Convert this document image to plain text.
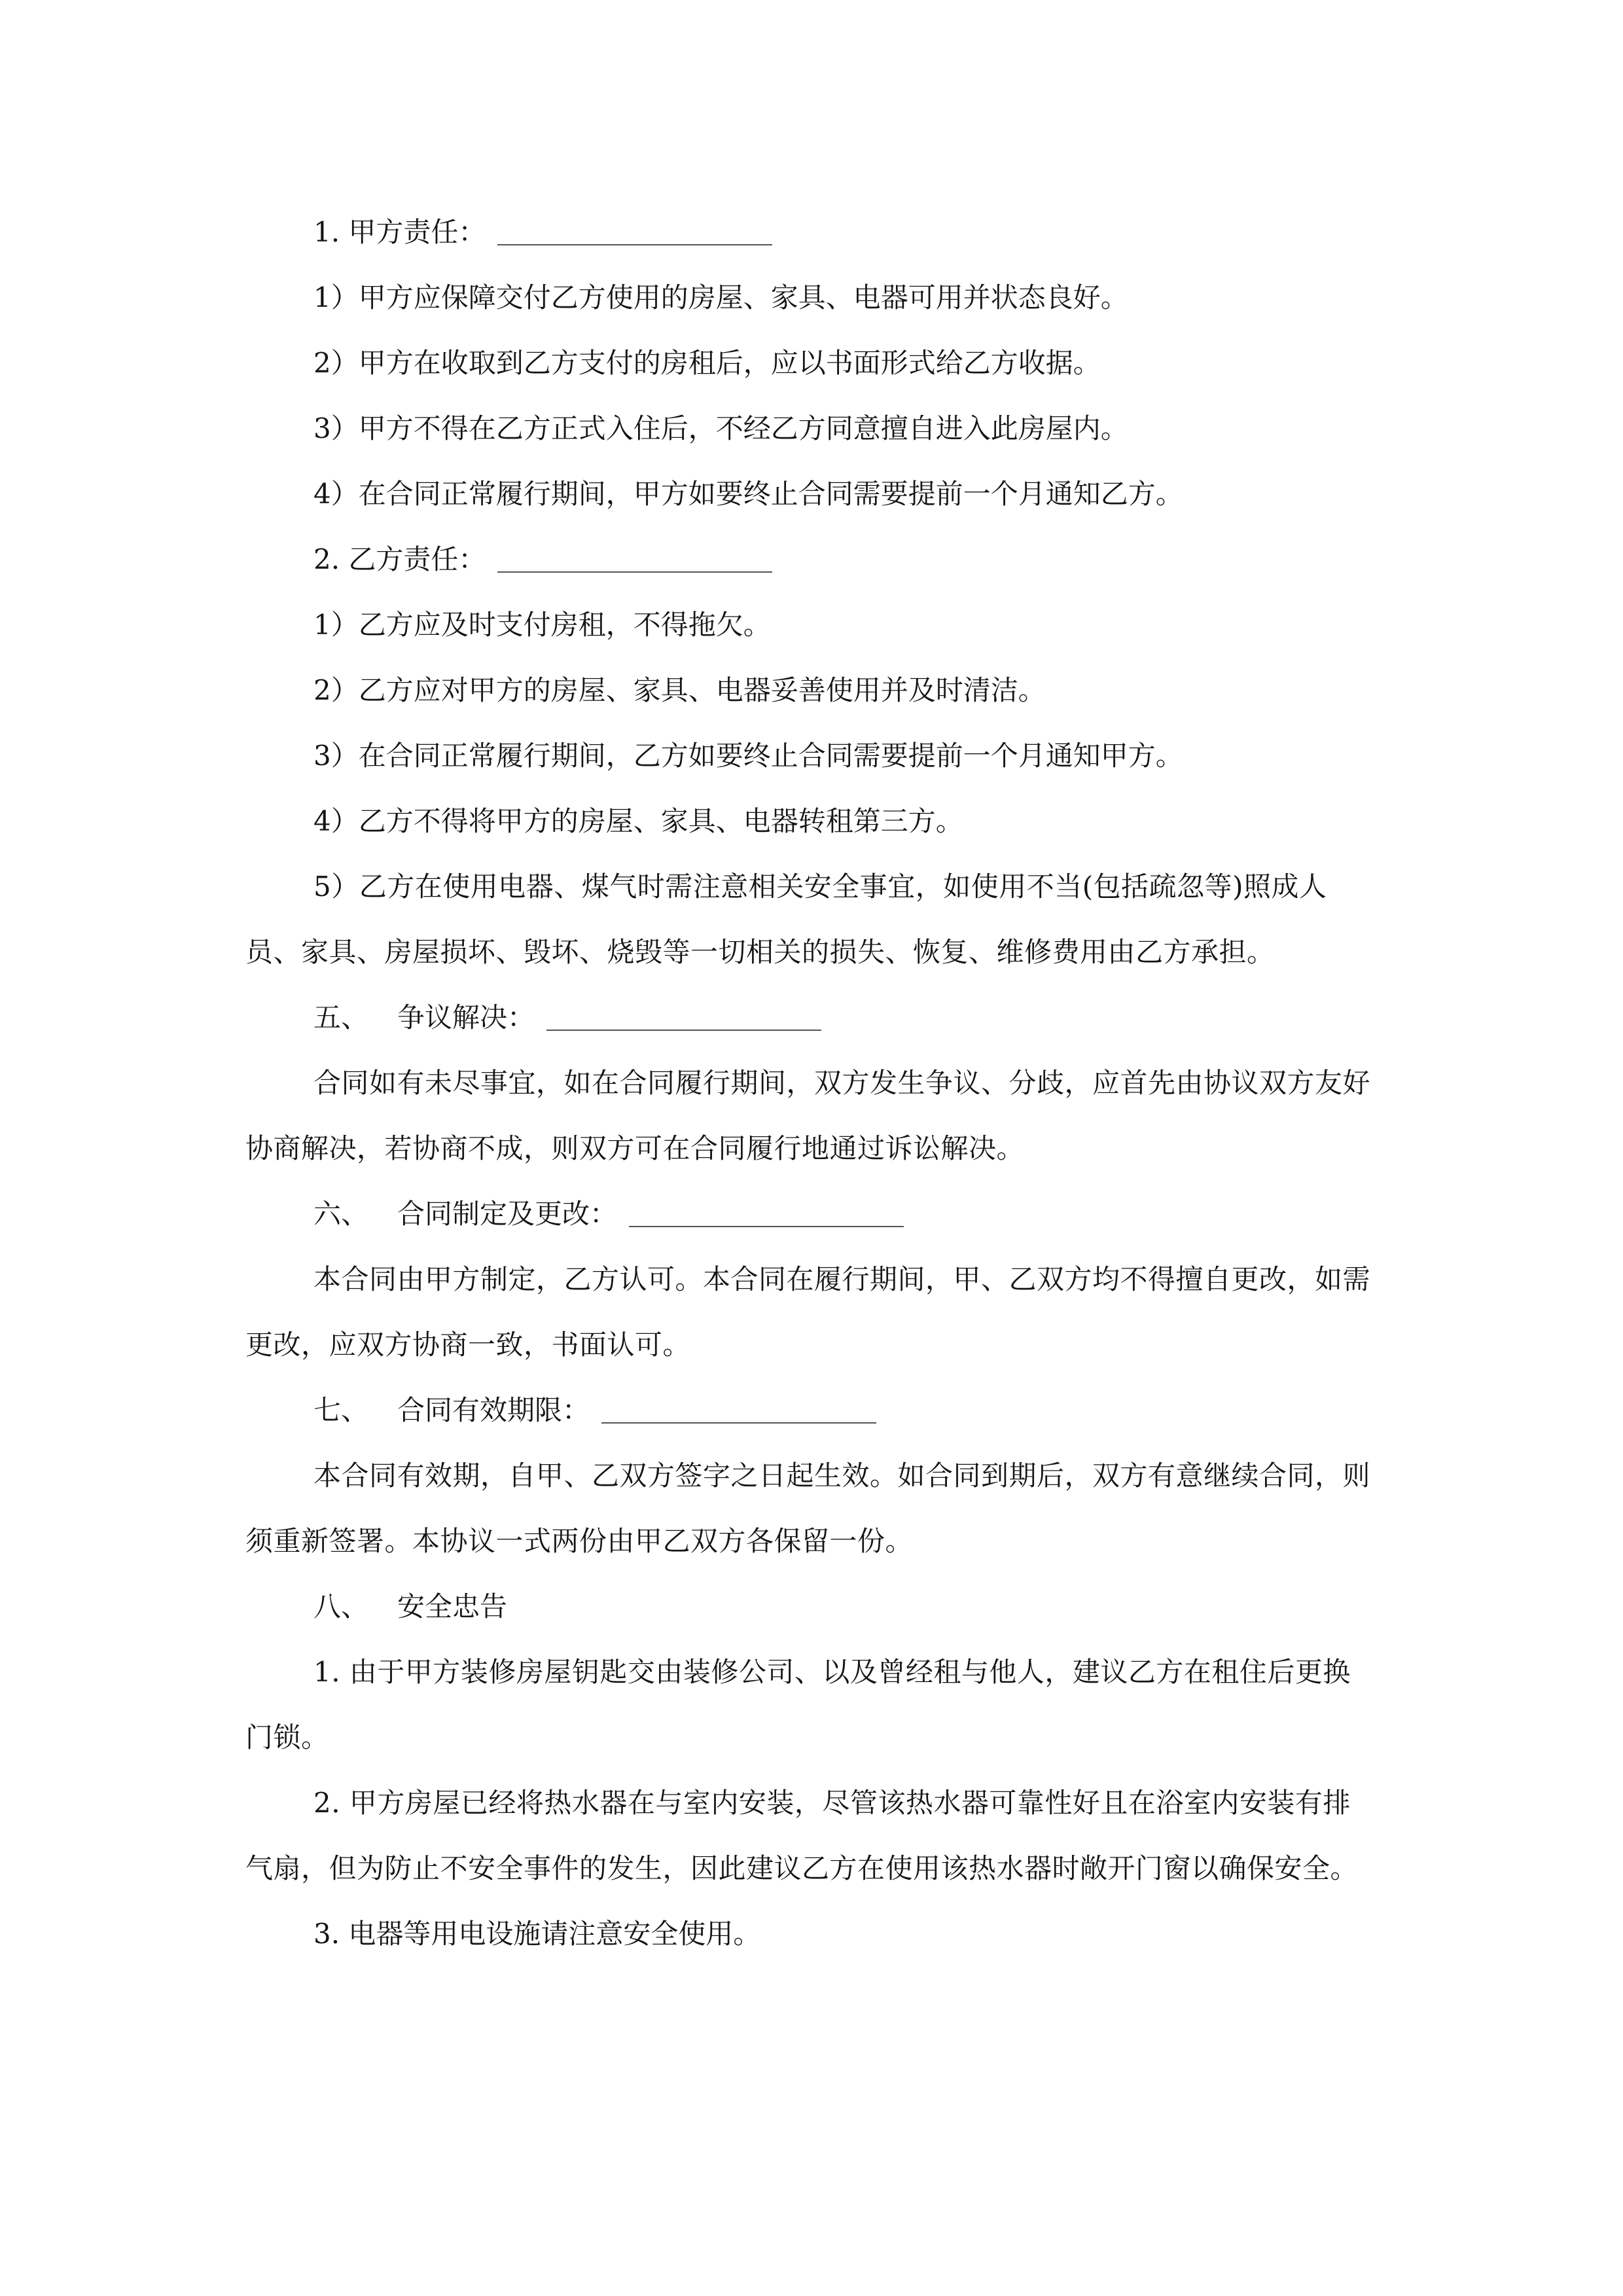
1. 甲方责任：

1）甲方应保障交付乙方使用的房屋、家具、电器可用并状态良好。

2）甲方在收取到乙方支付的房租后，应以书面形式给乙方收据。

3）甲方不得在乙方正式入住后，不经乙方同意擅自进入此房屋内。

4）在合同正常履行期间，甲方如要终止合同需要提前一个月通知乙方。

2. 乙方责任：

1）乙方应及时支付房租，不得拖欠。

2）乙方应对甲方的房屋、家具、电器妥善使用并及时清洁。

3）在合同正常履行期间，乙方如要终止合同需要提前一个月通知甲方。

4）乙方不得将甲方的房屋、家具、电器转租第三方。

5）乙方在使用电器、煤气时需注意相关安全事宜，如使用不当(包括疏忽等)照成人员、家具、房屋损坏、毁坏、烧毁等一切相关的损失、恢复、维修费用由乙方承担。

五、 争议解决：

合同如有未尽事宜，如在合同履行期间，双方发生争议、分歧，应首先由协议双方友好协商解决，若协商不成，则双方可在合同履行地通过诉讼解决。

六、 合同制定及更改：

本合同由甲方制定，乙方认可。本合同在履行期间，甲、乙双方均不得擅自更改，如需更改，应双方协商一致，书面认可。

七、 合同有效期限：

本合同有效期，自甲、乙双方签字之日起生效。如合同到期后，双方有意继续合同，则须重新签署。本协议一式两份由甲乙双方各保留一份。

八、 安全忠告

1. 由于甲方装修房屋钥匙交由装修公司、以及曾经租与他人，建议乙方在租住后更换门锁。

2. 甲方房屋已经将热水器在与室内安装，尽管该热水器可靠性好且在浴室内安装有排气扇，但为防止不安全事件的发生，因此建议乙方在使用该热水器时敞开门窗以确保安全。

3. 电器等用电设施请注意安全使用。
